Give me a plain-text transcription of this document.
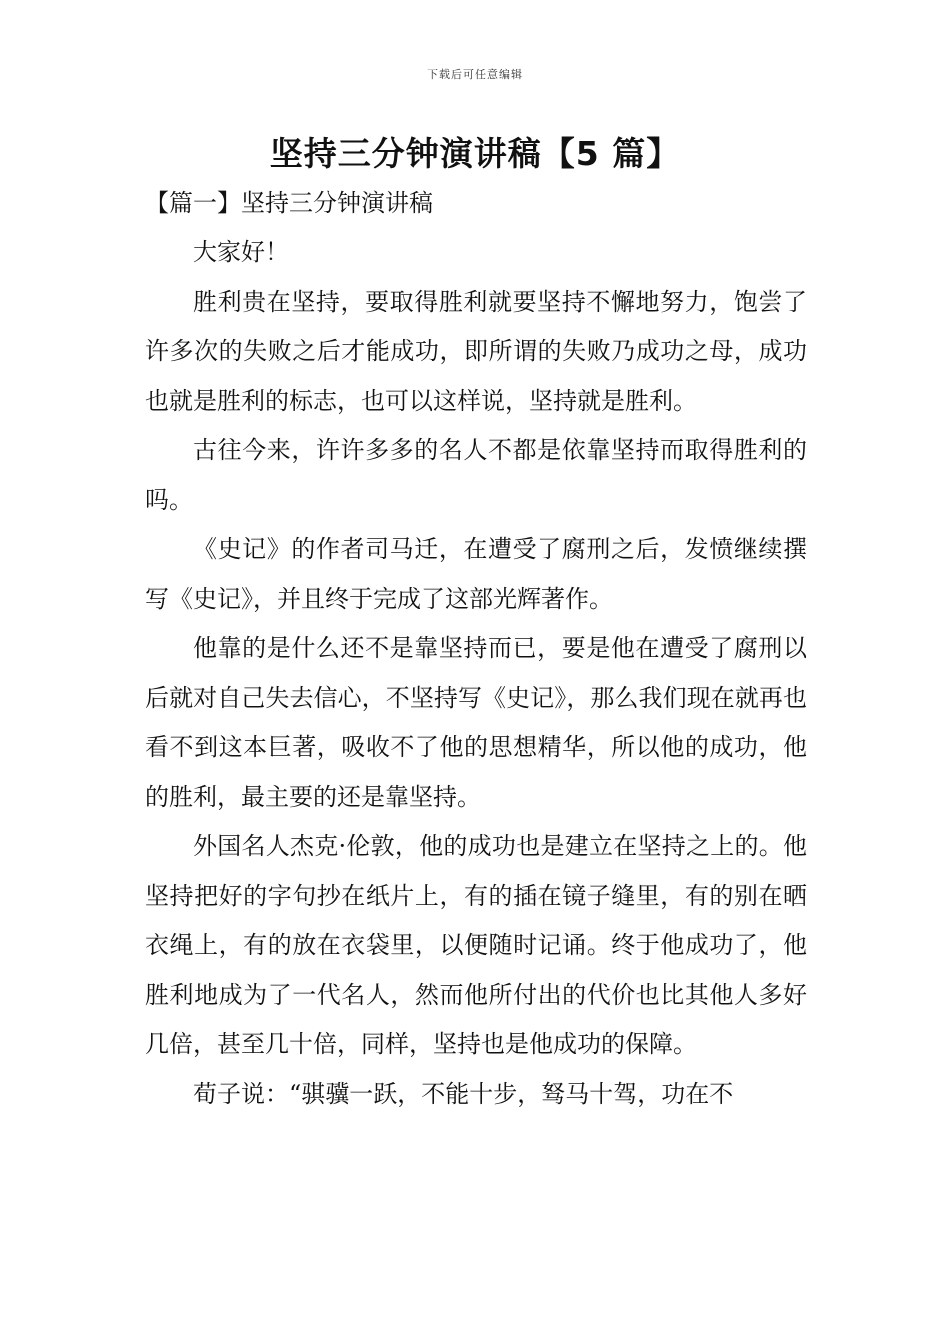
下载后可任意编辑
坚持三分钟演讲稿【5 篇】
【篇一】坚持三分钟演讲稿

大家好！

胜利贵在坚持，要取得胜利就要坚持不懈地努力，饱尝了许多次的失败之后才能成功，即所谓的失败乃成功之母，成功也就是胜利的标志，也可以这样说，坚持就是胜利。

古往今来，许许多多的名人不都是依靠坚持而取得胜利的吗。

《史记》的作者司马迁，在遭受了腐刑之后，发愤继续撰写《史记》，并且终于完成了这部光辉著作。

他靠的是什么还不是靠坚持而已，要是他在遭受了腐刑以后就对自己失去信心，不坚持写《史记》，那么我们现在就再也看不到这本巨著，吸收不了他的思想精华，所以他的成功，他的胜利，最主要的还是靠坚持。

外国名人杰克·伦敦，他的成功也是建立在坚持之上的。他坚持把好的字句抄在纸片上，有的插在镜子缝里，有的别在晒衣绳上，有的放在衣袋里，以便随时记诵。终于他成功了，他胜利地成为了一代名人，然而他所付出的代价也比其他人多好几倍，甚至几十倍，同样，坚持也是他成功的保障。

荀子说：“骐骥一跃，不能十步，驽马十驾，功在不
